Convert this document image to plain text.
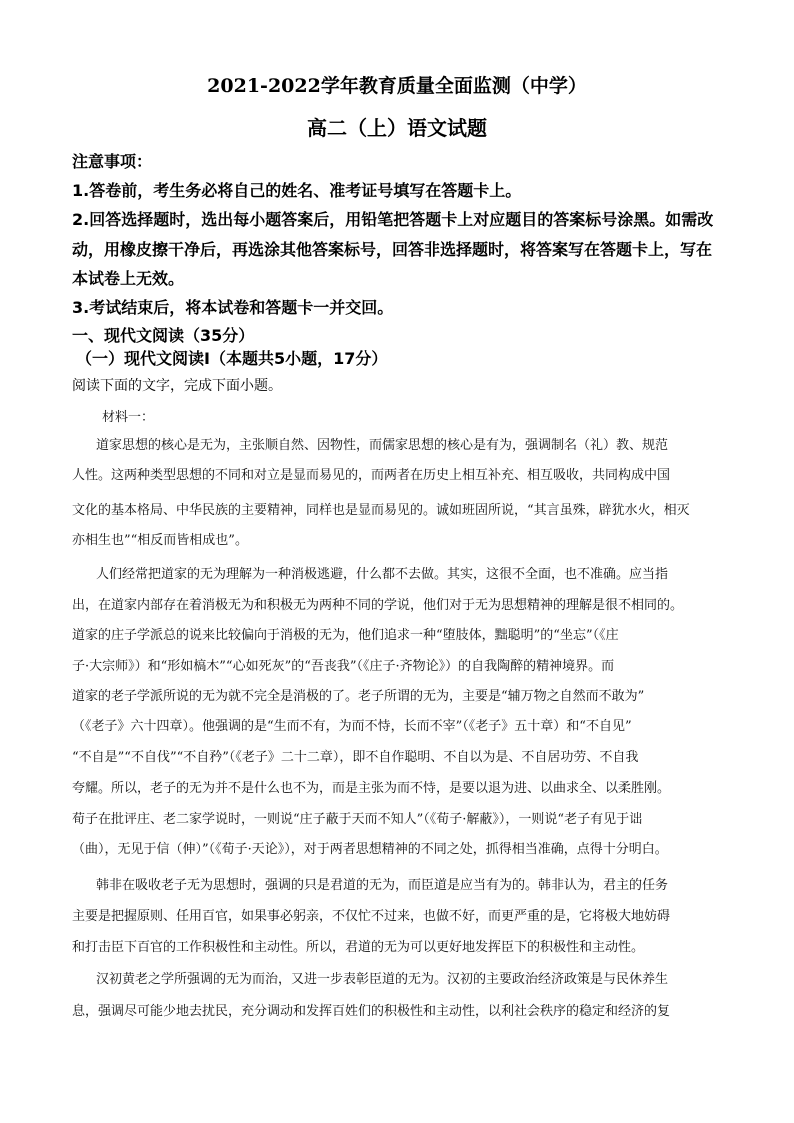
2021-2022学年教育质量全面监测（中学）
高二（上）语文试题
注意事项：
1.答卷前，考生务必将自己的姓名、准考证号填写在答题卡上。
2.回答选择题时，选出每小题答案后，用铅笔把答题卡上对应题目的答案标号涂黑。如需改
动，用橡皮擦干净后，再选涂其他答案标号，回答非选择题时，将答案写在答题卡上，写在
本试卷上无效。
3.考试结束后，将本试卷和答题卡一并交回。
一、现代文阅读（35分）
（一）现代文阅读Ⅰ（本题共5小题，17分）
阅读下面的文字，完成下面小题。
材料一：
道家思想的核心是无为，主张顺自然、因物性，而儒家思想的核心是有为，强调制名（礼）教、规范
人性。这两种类型思想的不同和对立是显而易见的，而两者在历史上相互补充、相互吸收，共同构成中国
文化的基本格局、中华民族的主要精神，同样也是显而易见的。诚如班固所说，“其言虽殊，辟犹水火，相灭
亦相生也”“相反而皆相成也”。
人们经常把道家的无为理解为一种消极逃避，什么都不去做。其实，这很不全面，也不准确。应当指
出，在道家内部存在着消极无为和积极无为两种不同的学说，他们对于无为思想精神的理解是很不相同的。
道家的庄子学派总的说来比较偏向于消极的无为，他们追求一种“堕肢体，黜聪明”的“坐忘”（《庄
子·大宗师》）和“形如槁木”“心如死灰”的“吾丧我”（《庄子·齐物论》）的自我陶醉的精神境界。而
道家的老子学派所说的无为就不完全是消极的了。老子所谓的无为，主要是“辅万物之自然而不敢为”
（《老子》六十四章）。他强调的是“生而不有，为而不恃，长而不宰”（《老子》五十章）和“不自见”
“不自是”“不自伐”“不自矜”（《老子》二十二章），即不自作聪明、不自以为是、不自居功劳、不自我
夸耀。所以，老子的无为并不是什么也不为，而是主张为而不恃，是要以退为进、以曲求全、以柔胜刚。
荀子在批评庄、老二家学说时，一则说“庄子蔽于天而不知人”（《荀子·解蔽》），一则说“老子有见于诎
（曲），无见于信（伸）”（《荀子·天论》），对于两者思想精神的不同之处，抓得相当准确，点得十分明白。
韩非在吸收老子无为思想时，强调的只是君道的无为，而臣道是应当有为的。韩非认为，君主的任务
主要是把握原则、任用百官，如果事必躬亲，不仅忙不过来，也做不好，而更严重的是，它将极大地妨碍
和打击臣下百官的工作积极性和主动性。所以，君道的无为可以更好地发挥臣下的积极性和主动性。
汉初黄老之学所强调的无为而治，又进一步表彰臣道的无为。汉初的主要政治经济政策是与民休养生
息，强调尽可能少地去扰民，充分调动和发挥百姓们的积极性和主动性，以利社会秩序的稳定和经济的复
